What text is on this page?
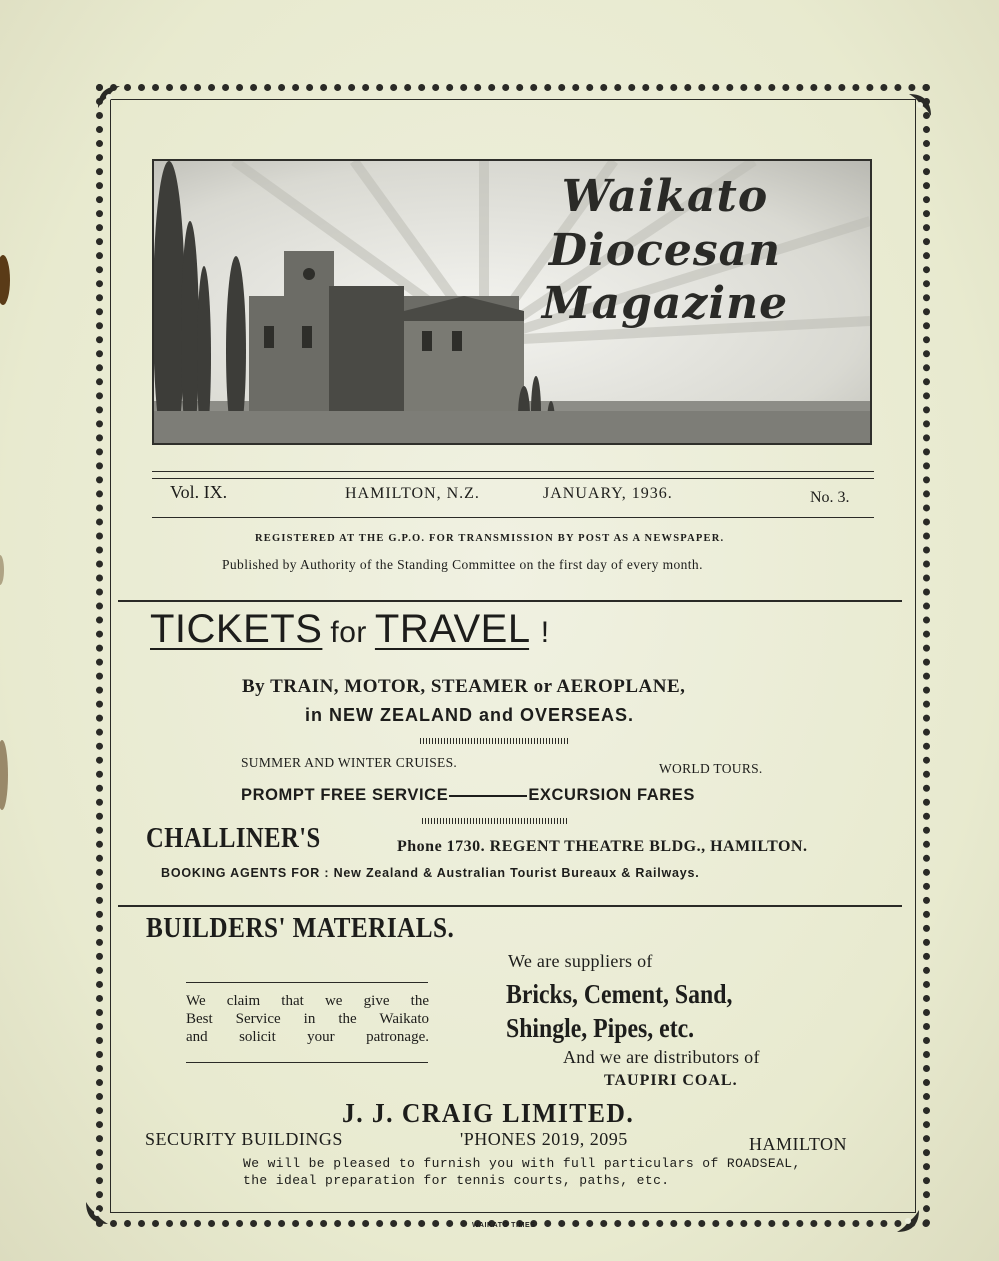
Waikato
Diocesan
Magazine
Vol. IX.	HAMILTON, N.Z.	JANUARY, 1936.	No. 3.
REGISTERED AT THE G.P.O. FOR TRANSMISSION BY POST AS A NEWSPAPER.
Published by Authority of the Standing Committee on the first day of every month.
TICKETS for TRAVEL !
By TRAIN, MOTOR, STEAMER or AEROPLANE,
in NEW ZEALAND and OVERSEAS.
SUMMER AND WINTER CRUISES.	WORLD TOURS.
PROMPT FREE SERVICE	EXCURSION FARES
CHALLINER'S	Phone 1730. REGENT THEATRE BLDG., HAMILTON.
BOOKING AGENTS FOR : New Zealand & Australian Tourist Bureaux & Railways.
BUILDERS' MATERIALS.
We claim that we give the
Best Service in the Waikato
and solicit your patronage.
We are suppliers of
Bricks, Cement, Sand,
Shingle, Pipes, etc.
And we are distributors of
TAUPIRI COAL.
J. J. CRAIG LIMITED.
SECURITY BUILDINGS	'PHONES 2019, 2095	HAMILTON
We will be pleased to furnish you with full particulars of ROADSEAL,
the ideal preparation for tennis courts, paths, etc.
WAIKATO TIMES
